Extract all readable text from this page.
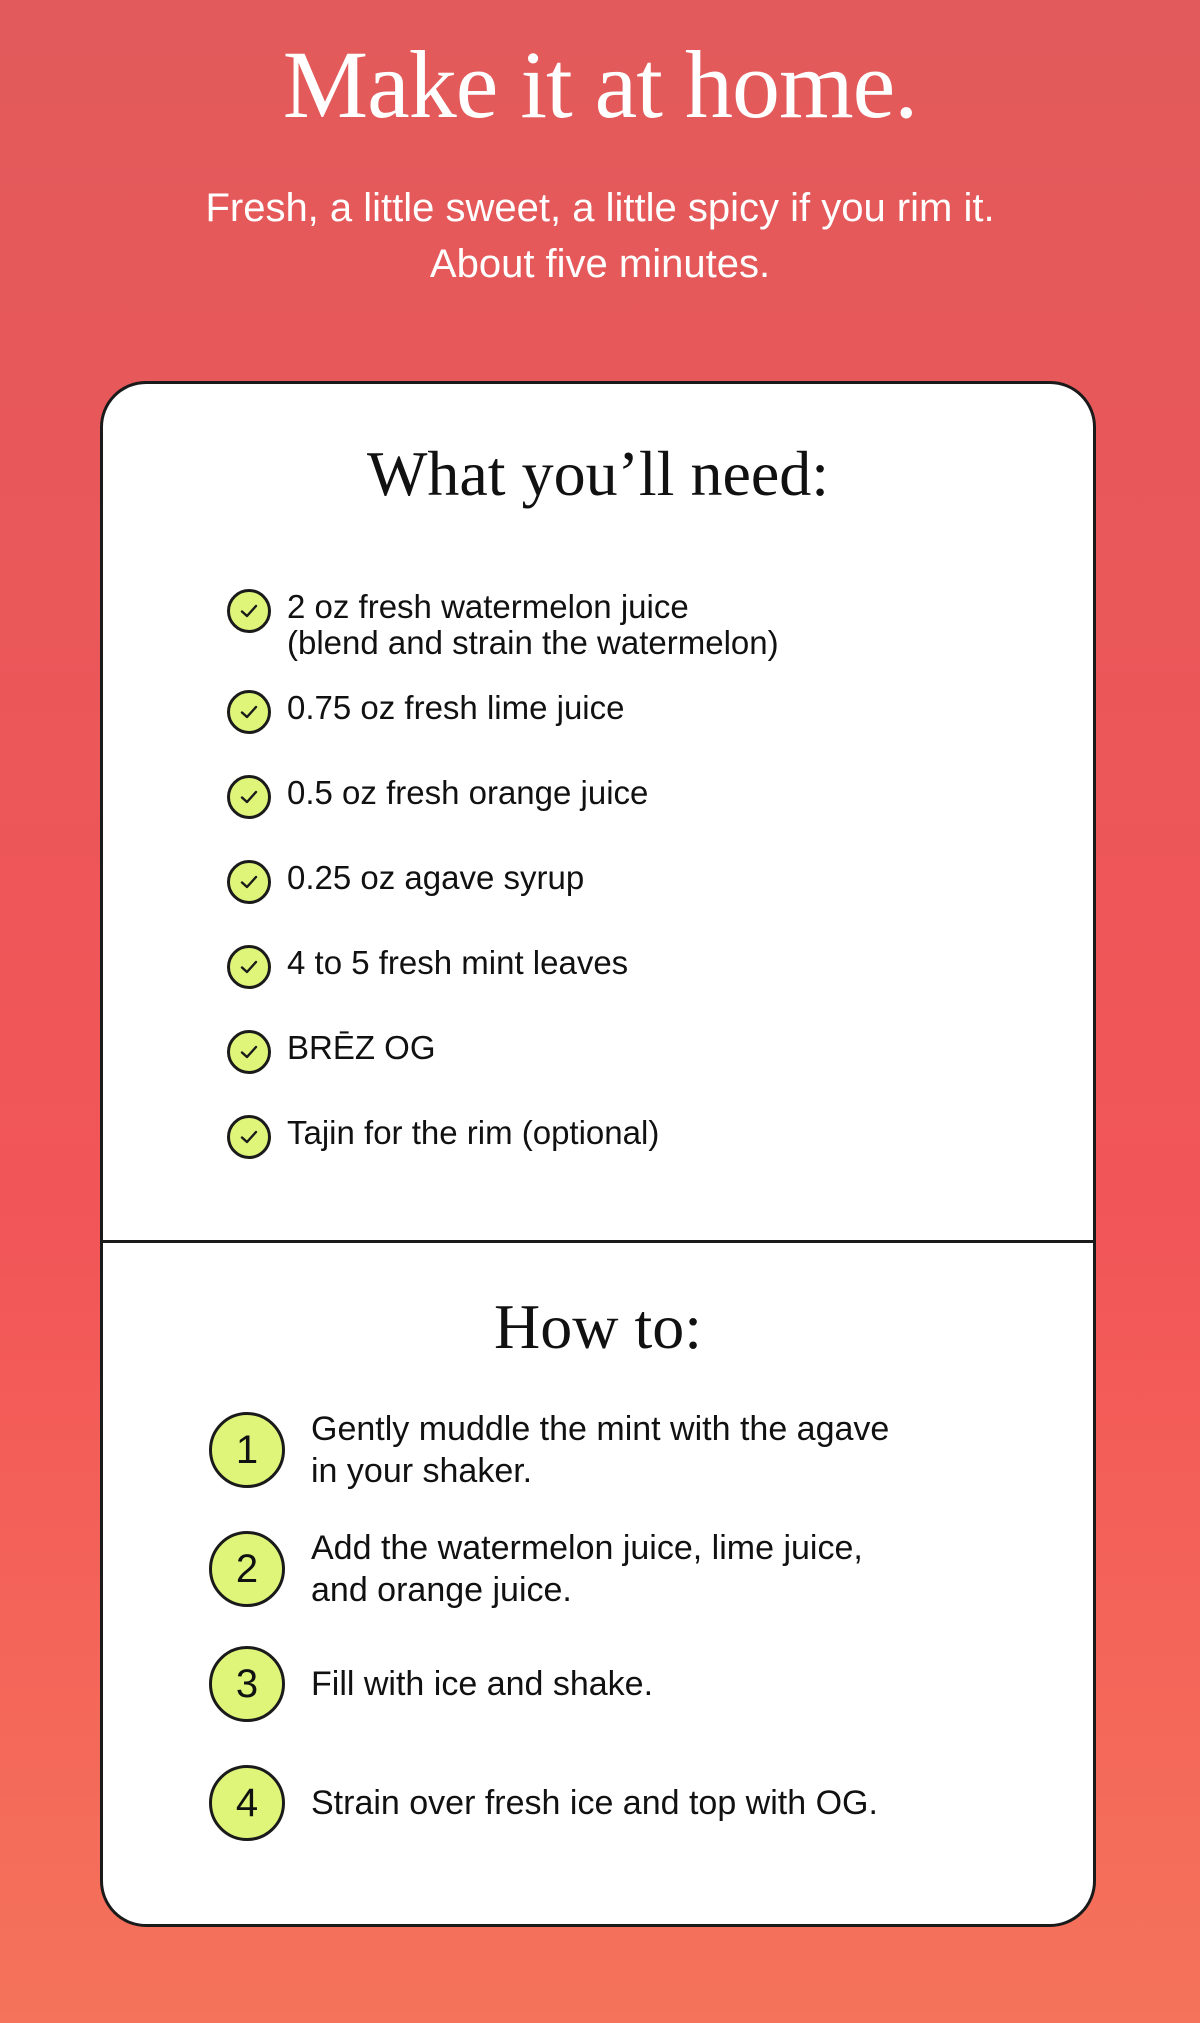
Make it at home.
Fresh, a little sweet, a little spicy if you rim it.
About five minutes.
What you’ll need:
2 oz fresh watermelon juice
(blend and strain the watermelon)
0.75 oz fresh lime juice
0.5 oz fresh orange juice
0.25 oz agave syrup
4 to 5 fresh mint leaves
BRĒZ OG
Tajin for the rim (optional)
How to:
1	Gently muddle the mint with the agave
in your shaker.
2	Add the watermelon juice, lime juice,
and orange juice.
3	Fill with ice and shake.
4	Strain over fresh ice and top with OG.
